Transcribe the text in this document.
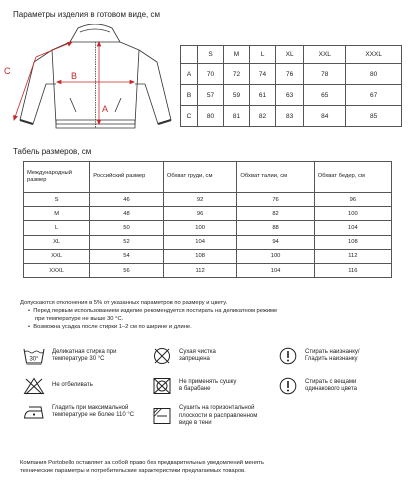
Параметры изделия в готовом виде, см
A
B
C
	S	M	L	XL	XXL	XXXL
A	70	72	74	76	78	80
B	57	59	61	63	65	67
C	80	81	82	83	84	85
Табель размеров, см
Международный размер	Российский размер	Обхват груди, см	Обхват талии, см	Обхват бедер, см
S	46	92	76	96
M	48	96	82	100
L	50	100	88	104
XL	52	104	94	108
XXL	54	108	100	112
XXXL	56	112	104	116
Допускаются отклонения в 5% от указанных параметров по размеру и цвету.
• Перед первым использованием изделие рекомендуется постирать на деликатном режиме
при температуре не выше 30 °С.
• Возможна усадка после стирки 1–2 см по ширине и длине.
30°
Деликатная стирка при
температуре 30 °С
Не отбеливать
Гладить при максимальной
температуре не более 110 °С
Сухая чистка
запрещена
Не применять сушку
в барабане
Сушить на горизонтальной
плоскости в расправленном
виде в тени
Стирать наизнанку/
Гладить наизнанку
Стирать с вещами
одинакового цвета
Компания Portobello оставляет за собой право без предварительных уведомлений менять
технические параметры и потребительские характеристики предлагаемых товаров.
